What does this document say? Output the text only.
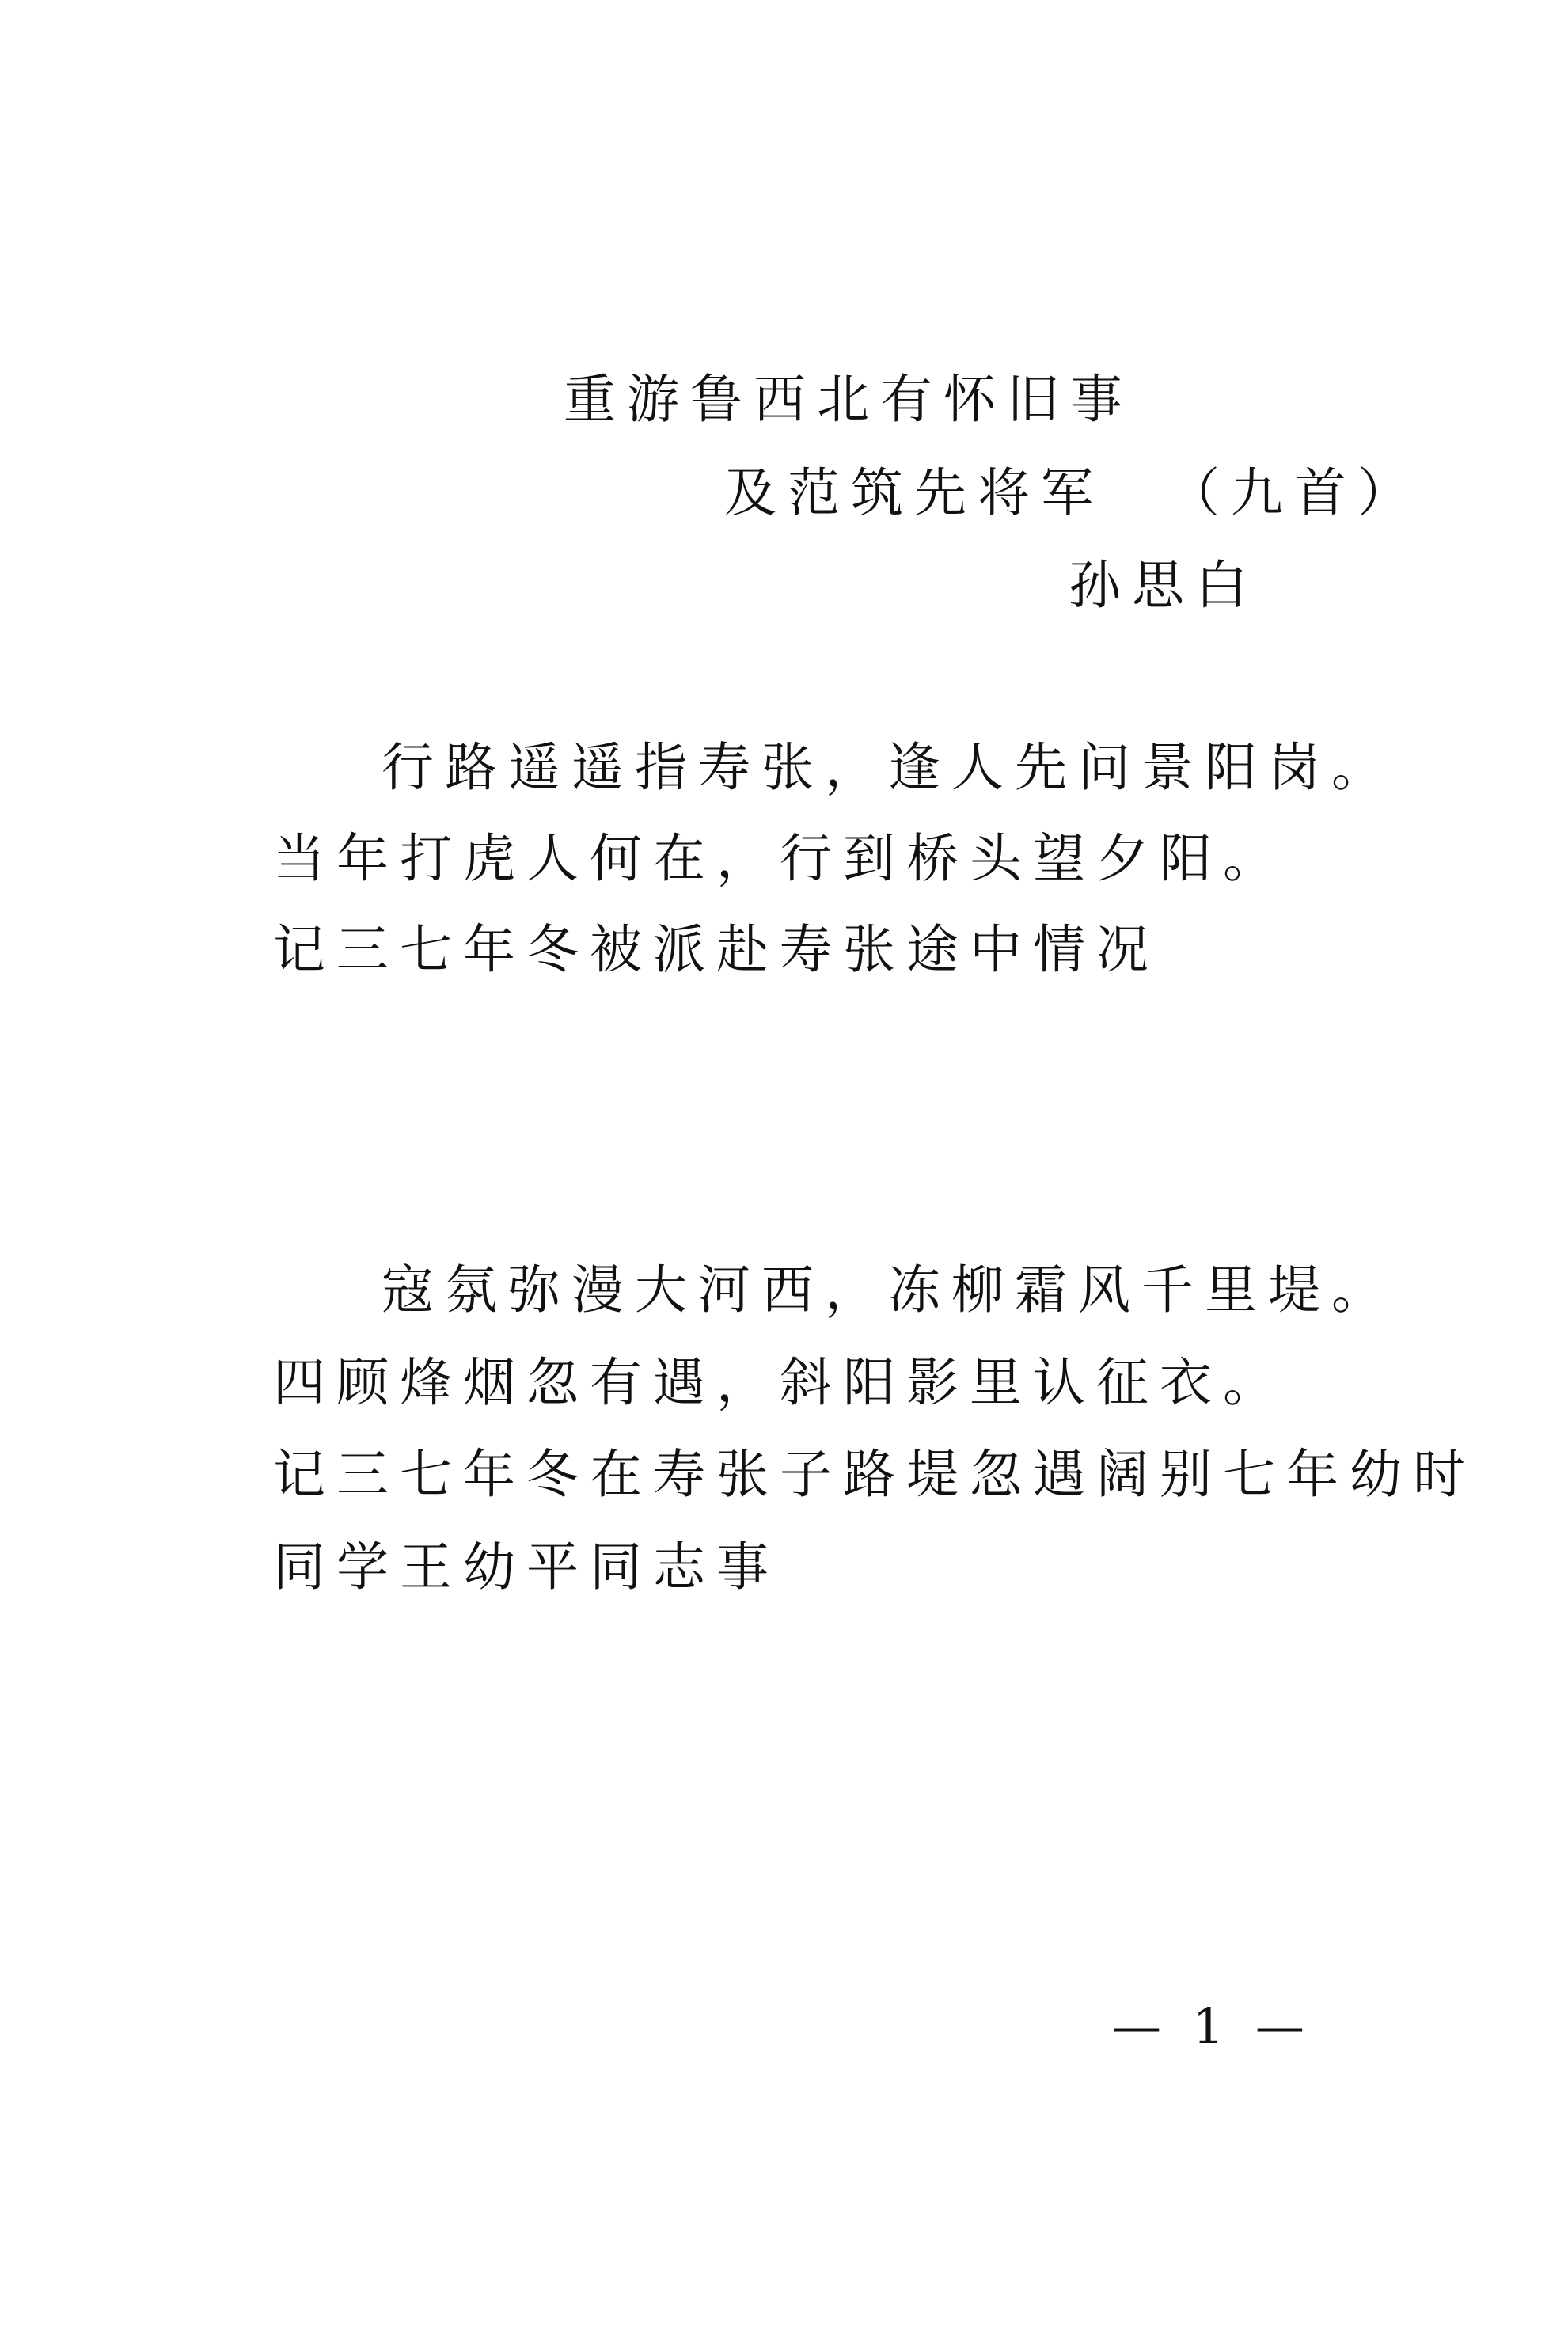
重游鲁西北有怀旧事
及范筑先将军 （九首）
孙思白
行路遥遥指寿张，逢人先问景阳岗。
当年打虎人何在，行到桥头望夕阳。
记三七年冬被派赴寿张途中情况
寇氛弥漫大河西，冻柳霜风千里堤。
四顾烽烟忽有遇，斜阳影里认征衣。
记三七年冬在寿张子路堤忽遇阔别七年幼时
同学王幼平同志事
— 1 —
